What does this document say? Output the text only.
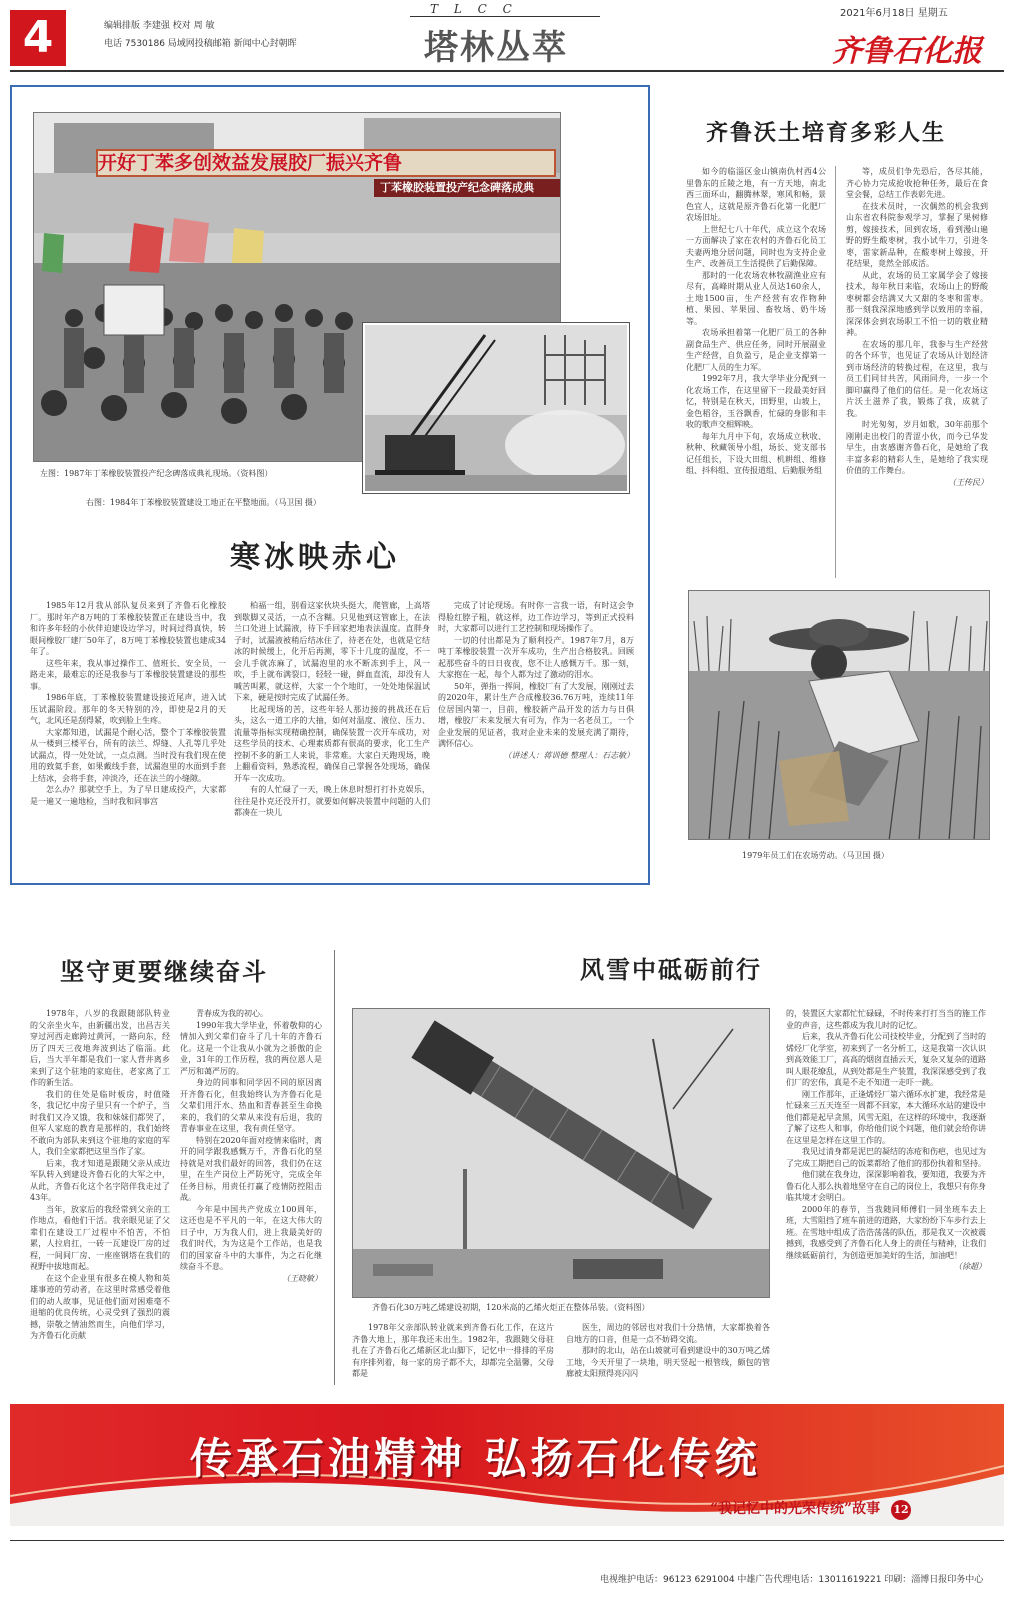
4	编辑排版 李建强 校对 周 敏
电话 7530186 局域网投稿邮箱 新闻中心封朝晖
T L C C
塔林丛萃
2021年6月18日 星期五
齐鲁石化报
开好丁苯多创效益发展胶厂振兴齐鲁
丁苯橡胶装置投产纪念碑落成典
左图：1987年丁苯橡胶装置投产纪念碑落成典礼现场。（资料图）
右图：1984年丁苯橡胶装置建设工地正在平整地面。（马卫国 摄）
寒冰映赤心

1985年12月我从部队复员来到了齐鲁石化橡胶厂。那时年产8万吨的丁苯橡胶装置正在建设当中，我和许多年轻的小伙伴迫建设边学习，时间过得真快，转眼间橡胶厂建厂50年了，8万吨丁苯橡胶装置也建成34年了。

这些年来，我从事过操作工、值班长、安全员，一路走来，最难忘的还是我参与丁苯橡胶装置建设的那些事。

1986年底，丁苯橡胶装置建设接近尾声，进入试压试漏阶段。那年的冬天特别的冷，即使是2月的天气，北风还是刮得紧，吹到脸上生疼。

大家都知道，试漏是个耐心活，整个丁苯橡胶装置从一楼到三楼平台，所有的法兰、焊缝、人孔等几乎处试漏点，得一处处试，一点点测。当时没有我们现在使用的致氦手套，如果戴线手套，试漏泡里的水面到手套上结冰，会将手套，冲淡冷，还在法兰的小缝隙。

怎么办？那就空手上，为了早日建成投产，大家都是一遍又一遍地检，当时我和同事宫

柏福一组，别看这家伙块头挺大，爬管廊，上高塔到歇脚又灵活，一点不含糊。只见他到这管廊上，在法兰口处进上试漏液，待下手回家把地表法温度。直胖身子时，试漏液被稍后结冰住了，待老在处，也就是它结冰的时候缓上，化开后再测，零下十几度的温度，不一会儿手就冻麻了，试漏泡里的水不断冻到手上，风一吹，手上就布满裂口，轻轻一碰，鲜血直流，却没有人喊苦叫累，就这样，大家一个个地盯，一处处地保温试下来，硬是按时完成了试漏任务。

比起现场的苦，这些年轻人那边接的挑战还在后头，这么一道工序的大抽，如何对温度、液位、压力、流量等指标实现精确控制，确保装置一次开车成功，对这些学员的技术、心理素质都有很高的要求，化工生产控制不多的新工人来说，非常难。大家白天跑现场，晚上翻看资料，熟悉流程，确保自己掌握各处现场，确保开车一次成功。

有的人忙碌了一天，晚上休息时想打打扑克娱乐，往往是扑克还没开打，就要如何解决装置中问题的人们都凑在一块儿

完成了讨论现场。有时你一言我一语，有时这会争得脸红脖子粗，就这样，边工作边学习，等到正式投料时，大家都可以进行工艺控制和现场操作了。

一切的付出都是为了顺利投产。1987年7月，8万吨丁苯橡胶装置一次开车成功，生产出合格胶乳。回顾起那些奋斗的日日夜夜，您不让人感慨万千。那一刻，大家抱在一起，每个人都为过了激动的泪水。

50年，弹指一挥间，橡胶厂有了大发展，刚刚过去的2020年，累计生产合成橡胶36.76万吨，连续11年位居国内第一，目前，橡胶新产品开发的活力与日俱增，橡胶厂未来发展大有可为，作为一名老员工，一个企业发展的见证者，我对企业未来的发展充满了期待，满怀信心。

（讲述人：蒋训德 整理人：石志敏）

齐鲁沃土培育多彩人生

如今的临淄区金山镇南仇村西4公里鲁东的丘陵之地，有一方天地，南北西三面环山，翻腾林翠，寒风和畅，景色宜人，这就是原齐鲁石化第一化肥厂农场旧址。

上世纪七八十年代，成立这个农场一方面解决了家在农村的齐鲁石化员工夫妻两地分居问题，同时也为支持企业生产、改善员工生活提供了后勤保障。

那时的一化农场农林牧副渔业应有尽有，高峰时期从业人员达160余人，土地1500亩，生产经营有农作物种植、果园、苹果园、畜牧场、奶牛场等。

农场承担着第一化肥厂员工的各种副食品生产、供应任务，同时开展副业生产经营，自负盈亏，是企业支撑第一化肥厂人员的生力军。

1992年7月，我大学毕业分配到一化农场工作，在这里留下一段最美好回忆，特别是在秋天，田野里，山坡上，金色稻谷，玉谷飘香，忙碌的身影和丰收的歌声交相辉映。

每年九月中下旬，农场成立秋收、秋种、秋藏领导小组，场长、党支部书记任组长，下设大田组、机耕组、维修组、抖科组、宣传报道组、后勤服务组

等，成员们争先恐后，各尽其能，齐心协力完成抢收抢种任务，最后在食堂会餐，总结工作表彰先进。

在技术员时，一次偶然的机会我到山东省农科院参观学习，掌握了果树修剪，嫁接技术，回到农场，看到漫山遍野的野生酸枣树，我小试牛刀，引进冬枣，雷家新品种，在酸枣树上嫁接，开花结果，竟然全部成活。

从此，农场的员工家属学会了嫁接技术，每年秋日来临，农场山上的野酸枣树都会结满又大又甜的冬枣和雷枣。那一刻我深深地感到学以致用的幸福，深深体会到农场职工不怕一切的敬业精神。

在农场的那几年，我参与生产经营的各个环节，也见证了农场从计划经济到市场经济的转换过程，在这里，我与员工们同甘共苦，风雨同舟，一步一个脚印赢得了他们的信任。是一化农场这片沃土滋养了我，锻炼了我，成就了我。

时光匆匆，岁月如歌，30年前那个刚刚走出校门的青涩小伙，而今已华发早生，由衷感谢齐鲁石化，是她给了我丰富多彩的精彩人生，是她给了我实现价值的工作舞台。

（王传民）

1979年员工们在农场劳动。（马卫国 摄）
坚守更要继续奋斗

1978年，八岁的我跟随部队转业的父亲坐火车，由新疆出发，出昌吉关穿过河西走廊跨过黄河，一路向东，经历了四天三夜地奔波到达了临淄。此后，当大半年都是我们一家人背井离乡来到了这个驻地的家庭住，老家离了工作的新生活。

我们的住处是临时板房，时值隆冬，我记忆中房子里只有一个炉子，当时我们又冷又饿，我和妹妹们都哭了，但军人家庭的教育是那样的，我们始终不敢向为部队来到这个驻地的家庭的军人，我们全家都把这里当作了家。

后来，我才知道是跟随父亲从成边军队转入到建设齐鲁石化的大军之中，从此，齐鲁石化这个名字陪伴我走过了43年。

当年，放家后的我经常到父亲的工作地点，看他们干活。我亲眼见证了父辈们在建设工厂过程中不怕苦，不怕累，人拉肩扛，一砖一瓦建设厂房的过程，一间间厂房、一座座钢塔在我们的视野中拔地而起。

在这个企业里有很多在模人物和英雄事迹的劳动者，在这里时常感受着他们的动人故事，见证他们面对困难毫不退缩的优良传统，心灵受到了强烈的震撼，崇敬之情油然而生，向他们学习，为齐鲁石化贡献

青春成为我的初心。

1990年我大学毕业，怀着敬仰的心情加入到父辈们奋斗了几十年的齐鲁石化。这是一个让我从小就为之骄傲的企业，31年的工作历程，我的两位恩人是严厉和蔼严厉的。

身边的同事和同学因不同的原因离开齐鲁石化，但我始终认为齐鲁石化是父辈们用汗水、热血和青春甚至生命换来的，我们的父辈从来没有后退，我的青春事业在这里，我有责任坚守。

特别在2020年面对疫情来临时，离开的同学跟我感慨万千，齐鲁石化的坚持就是对我们最好的回答，我们仍在这里，在生产岗位上严防死守，完成全年任务目标，用责任打赢了疫情防控阻击战。

今年是中国共产党成立100周年，这还也是不平凡的一年，在这大伟大的日子中，万为我人们，进上我最美好的我们时代，为为这是个工作站，也是我们的国家奋斗中的大事件，为之石化继续奋斗不息。

（王晓敏）

风雪中砥砺前行
齐鲁石化30万吨乙烯建设初期，120米高的乙烯火炬正在整体吊装。（资料图）

1978年父亲部队转业就来到齐鲁石化工作，在这片齐鲁大地上，那年我还未出生。1982年，我跟随父母驻扎在了齐鲁石化乙烯新区北山脚下，记忆中一排排的平房有序排列着，每一家的房子都不大，却都完全温馨，父母都是

医生，周边的邻居也对我们十分热情，大家都换着各自地方的口音，但是一点不妨碍交流。

那时的北山，站在山坡就可看到建设中的30万吨乙烯工地，今天开里了一块地，明天竖起一根管线，颇包的管廊被太阳照得亮闪闪

的，装置区大家都忙忙碌碌，不时传来打打当当的施工作业的声音，这些都成为我儿时的记忆。

后来，我从齐鲁石化公司技校毕业，分配到了当时的烯烃厂化学室，初来到了一名分析工，这是我第一次认识到高效能工厂，高高的烟囱直插云天，复杂又复杂的道路叫人眼花缭乱，从到处都是生产装置，我深深感受到了我们厂的宏伟，真是不走不知道一走吓一跳。

刚工作那年，正逢烯烃厂第六循环水扩建，我经常是忙碌来三五天连至一周都不回家，本大循环水站的建设中他们都是起早贪黑，风雪无阻，在这样的环境中，我逐渐了解了这些人和事，你给他们说个问题，他们就会给你讲在这里是怎样在这里工作的。

我见过清身都是泥巴的凝结的冻疮和伤疤，也见过为了完成工期把自己的饭菜都给了他们的那份执着和坚持。

他们就在我身边，深深影响着我，要知道，我要为齐鲁石化人那么执着地坚守在自己的岗位上，我想只有你身临其境才会明白。

2000年的春节，当我随同师傅们一同坐班车去上班，大雪阻挡了班车前进的道路，大家纷纷下车步行去上班。在雪地中组成了浩浩荡荡的队伍，那是我又一次被震撼到，我感受到了齐鲁石化人身上的责任与精神，让我们继续砥砺前行，为创造更加美好的生活，加油吧！

（徐超）

传承石油精神 弘扬石化传统
“我记忆中的光荣传统”故事 12
电视维护电话：96123 6291004 中雄广告代理电话：13011619221 印刷：淄博日报印务中心
